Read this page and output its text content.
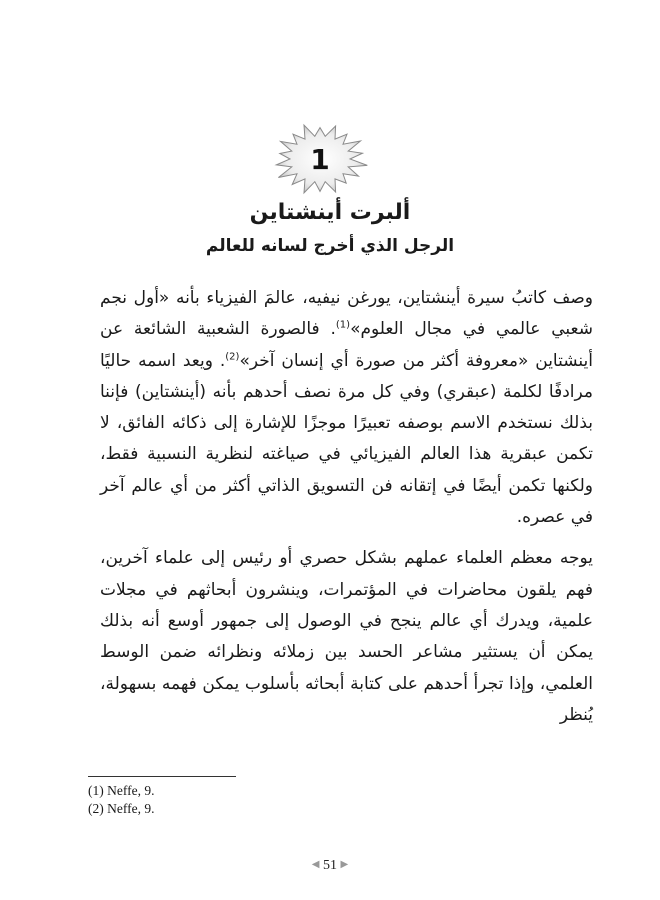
1
ألبرت أينشتاين
الرجل الذي أخرج لسانه للعالم

وصف كاتبُ سيرة أينشتاين، يورغن نيفيه، عالمَ الفيزياء بأنه «أول نجم شعبي عالمي في مجال العلوم»$^{(1)}$. فالصورة الشعبية الشائعة عن أينشتاين «معروفة أكثر من صورة أي إنسان آخر»$^{(2)}$. ويعد اسمه حاليًا مرادفًا لكلمة (عبقري) وفي كل مرة نصف أحدهم بأنه (أينشتاين) فإننا بذلك نستخدم الاسم بوصفه تعبيرًا موجزًا للإشارة إلى ذكائه الفائق، لا تكمن عبقرية هذا العالم الفيزيائي في صياغته لنظرية النسبية فقط، ولكنها تكمن أيضًا في إتقانه فن التسويق الذاتي أكثر من أي عالم آخر في عصره.

يوجه معظم العلماء عملهم بشكل حصري أو رئيس إلى علماء آخرين، فهم يلقون محاضرات في المؤتمرات، وينشرون أبحاثهم في مجلات علمية، ويدرك أي عالم ينجح في الوصول إلى جمهور أوسع أنه بذلك يمكن أن يستثير مشاعر الحسد بين زملائه ونظرائه ضمن الوسط العلمي، وإذا تجرأ أحدهم على كتابة أبحاثه بأسلوب يمكن فهمه بسهولة، يُنظر

(1) Neffe, 9.
(2) Neffe, 9.
◀ 51 ▶
